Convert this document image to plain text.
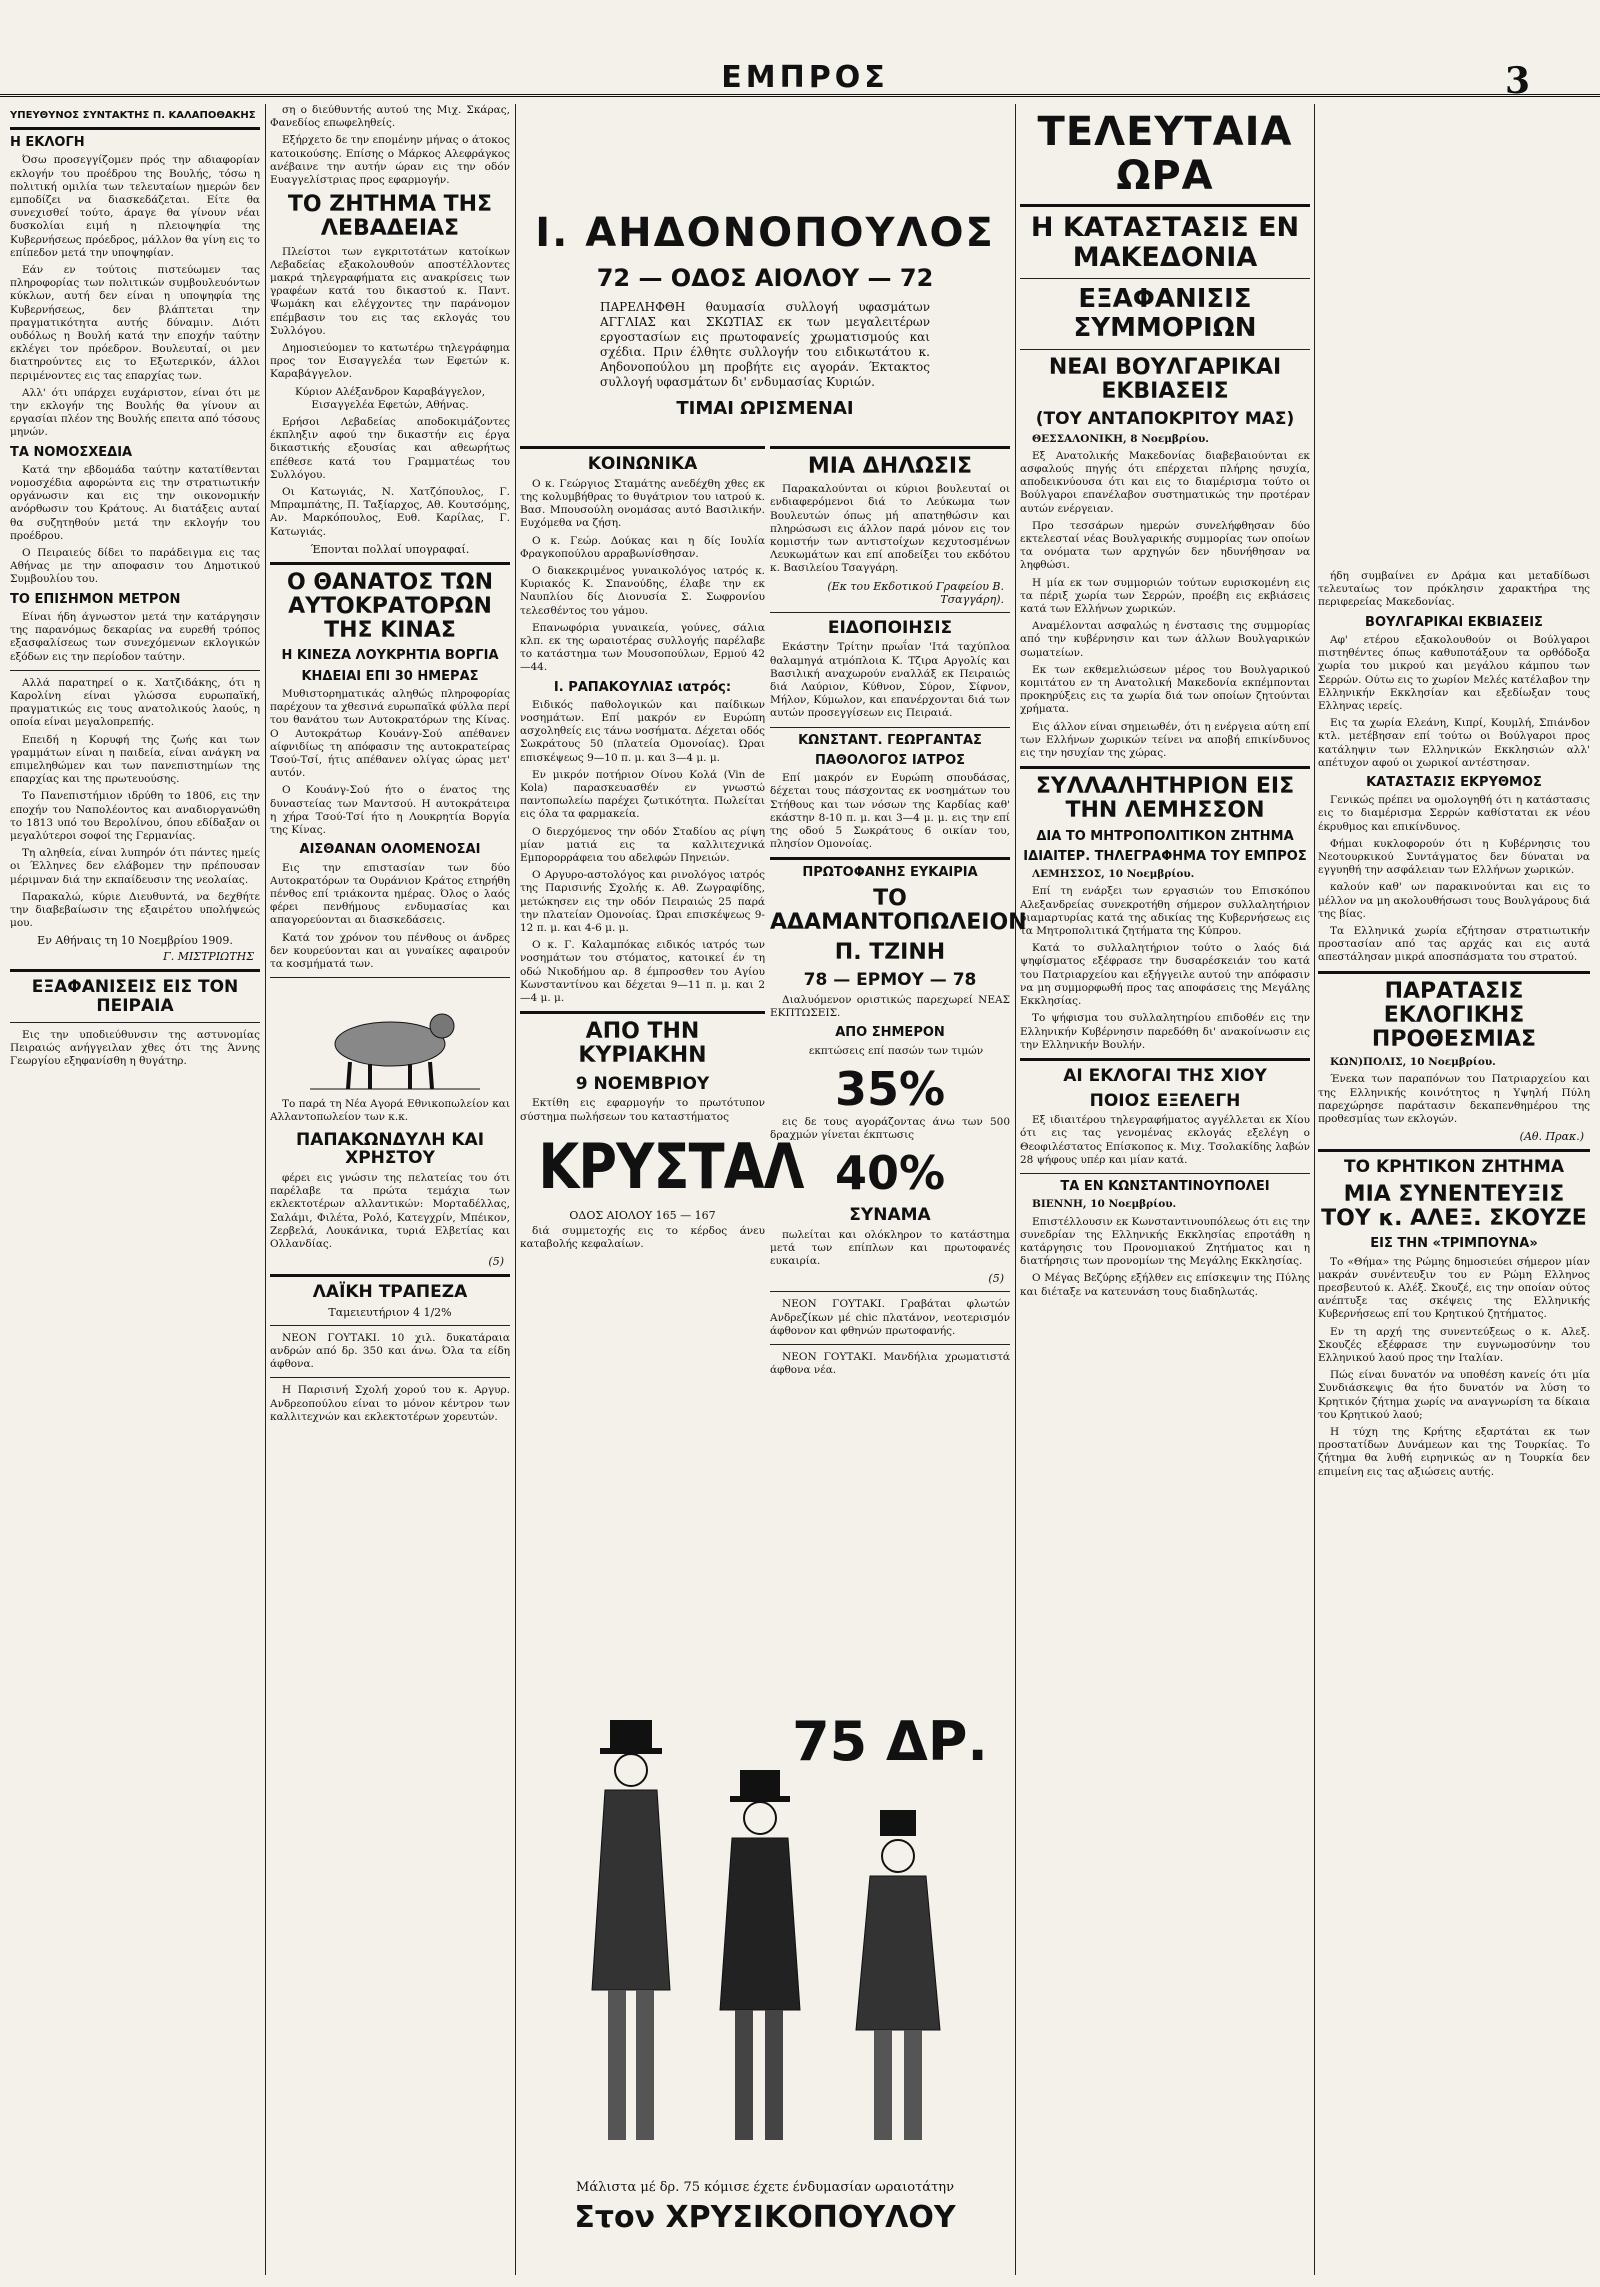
ΕΜΠΡΟΣ	3
ΥΠΕΥΘΥΝΟΣ ΣΥΝΤΑΚΤΗΣ Π. ΚΑΛΑΠΟΘΑΚΗΣ
Η ΕΚΛΟΓΗ

Όσω προσεγγίζομεν πρός την αδιαφορίαν εκλογήν του προέδρου της Βουλής, τόσω η πολιτική ομιλία των τελευταίων ημερών δεν εμποδίζει να διασκεδάζεται. Είτε θα συνεχισθεί τούτο, άραγε θα γίνουν νέαι δυσκολίαι ειμή η πλειοψηφία της Κυβερνήσεως πρόεδρος, μάλλον θα γίνη εις το επίπεδον μετά την υποψηφίαν.

Εάν εν τούτοις πιστεύωμεν τας πληροφορίας των πολιτικών συμβουλευόντων κύκλων, αυτή δεν είναι η υποψηφία της Κυβερνήσεως, δεν βλάπτεται την πραγματικότητα αυτής δύναμιν. Διότι ουδόλως η Βουλή κατά την εποχήν ταύτην εκλέγει τον πρόεδρον. Βουλευταί, οι μεν διατηρούντες εις το Εξωτερικόν, άλλοι περιμένοντες εις τας επαρχίας των.

Αλλ' ότι υπάρχει ευχάριστον, είναι ότι με την εκλογήν της Βουλής θα γίνουν αι εργασίαι πλέον της Βουλής επειτα από τόσους μηνών.

ΤΑ ΝΟΜΟΣΧΕΔΙΑ

Κατά την εβδομάδα ταύτην κατατίθενται νομοσχέδια αφορώντα εις την στρατιωτικήν οργάνωσιν και εις την οικονομικήν ανόρθωσιν του Κράτους. Αι διατάξεις αυταί θα συζητηθούν μετά την εκλογήν του προέδρου.

Ο Πειραιεύς δίδει το παράδειγμα εις τας Αθήνας με την αποφασιν του Δημοτικού Συμβουλίου του.

ΤΟ ΕΠΙΣΗΜΟΝ ΜΕΤΡΟΝ

Είναι ήδη άγνωστον μετά την κατάργησιν της παρανόμως δεκαρίας να ευρεθή τρόπος εξασφαλίσεως των συνεχόμενων εκλογικών εξόδων εις την περίοδον ταύτην.

Αλλά παρατηρεί ο κ. Χατζιδάκης, ότι η Καρολίνη είναι γλώσσα ευρωπαϊκή, πραγματικώς εις τους ανατολικούς λαούς, η οποία είναι μεγαλοπρεπής.

Επειδή η Κορυφή της ζωής και των γραμμάτων είναι η παιδεία, είναι ανάγκη να επιμεληθώμεν και των πανεπιστημίων της επαρχίας και της πρωτευούσης.

Το Πανεπιστήμιον ιδρύθη το 1806, εις την εποχήν του Ναπολέοντος και αναδιοργανώθη το 1813 υπό του Βερολίνου, όπου εδίδαξαν οι μεγαλύτεροι σοφοί της Γερμανίας.

Τη αληθεία, είναι λυπηρόν ότι πάντες ημείς οι Έλληνες δεν ελάβομεν την πρέπουσαν μέριμναν διά την εκπαίδευσιν της νεολαίας.

Παρακαλώ, κύριε Διευθυντά, να δεχθήτε την διαβεβαίωσιν της εξαιρέτου υπολήψεώς μου.

Εν Αθήναις τη 10 Νοεμβρίου 1909.
Γ. ΜΙΣΤΡΙΩΤΗΣ
ΕΞΑΦΑΝΙΣΕΙΣ ΕΙΣ ΤΟΝ ΠΕΙΡΑΙΑ

Εις την υποδιεύθυνσιν της αστυνομίας Πειραιώς ανήγγειλαν χθες ότι της Άννης Γεωργίου εξηφανίσθη η θυγάτηρ.

ση ο διεύθυντής αυτού της Μιχ. Σκάρας, Φανεδίος επωφεληθείς.

Εξήρχετο δε την επομένην μήνας ο άτοκος κατοικούσης. Επίσης ο Μάρκος Αλεφράγκος ανέβαινε την αυτήν ώραν εις την οδόν Ευαγγελίστριας προς εφαρμογήν.

ΤΟ ΖΗΤΗΜΑ ΤΗΣ ΛΕΒΑΔΕΙΑΣ

Πλείστοι των εγκριτοτάτων κατοίκων Λεβαδείας εξακολουθούν αποστέλλοντες μακρά τηλεγραφήματα εις ανακρίσεις των γραφέων κατά του δικαστού κ. Παντ. Ψωμάκη και ελέγχοντες την παράνομον επέμβασιν του εις τας εκλογάς του Συλλόγου.

Δημοσιεύομεν το κατωτέρω τηλεγράφημα προς τον Εισαγγελέα των Εφετών κ. Καραβάγγελον.

Κύριον Αλέξανδρον Καραβάγγελον, Εισαγγελέα Εφετών, Αθήνας.

Ερήσοι Λεβαδείας αποδοκιμάζοντες έκπληξιν αφού την δικαστήν εις έργα δικαστικής εξουσίας και αθεωρήτως επέθεσε κατά του Γραμματέως του Συλλόγου.

Οι Κατωγιάς, Ν. Χατζόπουλος, Γ. Μπραμπάτης, Π. Ταξίαρχος, Αθ. Κουτσόμης, Αν. Μαρκόπουλος, Ευθ. Καρίλας, Γ. Κατωγιάς.

Έπονται πολλαί υπογραφαί.
Ο ΘΑΝΑΤΟΣ ΤΩΝ ΑΥΤΟΚΡΑΤΟΡΩΝ ΤΗΣ ΚΙΝΑΣ
Η ΚΙΝΕΖΑ ΛΟΥΚΡΗΤΙΑ ΒΟΡΓΙΑ
ΚΗΔΕΙΑΙ ΕΠΙ 30 ΗΜΕΡΑΣ

Μυθιστορηματικάς αληθώς πληροφορίας παρέχουν τα χθεσινά ευρωπαϊκά φύλλα περί του θανάτου των Αυτοκρατόρων της Κίνας. Ο Αυτοκράτωρ Κουάνγ-Σού απέθανεν αίφνιδίως τη απόφασιν της αυτοκρατείρας Τσού-Τσί, ήτις απέθανεν ολίγας ώρας μετ' αυτόν.

Ο Κουάνγ-Σού ήτο ο ένατος της δυναστείας των Μαντσού. Η αυτοκράτειρα η χήρα Τσού-Τσί ήτο η Λουκρητία Βοργία της Κίνας.

ΑΙΣΘΑΝΑΝ ΟΛΟΜΕΝΟΣΑΙ

Εις την επιστασίαν των δύο Αυτοκρατόρων τα Ουράνιον Κράτος ετηρήθη πένθος επί τριάκοντα ημέρας. Όλος ο λαός φέρει πενθήμους ενδυμασίας και απαγορεύονται αι διασκεδάσεις.

Κατά τον χρόνον του πένθους οι άνδρες δεν κουρεύονται και αι γυναίκες αφαιρούν τα κοσμήματά των.

Το παρά τη Νέα Αγορά Εθνικοπωλείον και Αλλαντοπωλείον των κ.κ.

ΠΑΠΑΚΩΝΔΥΛΗ ΚΑΙ ΧΡΗΣΤΟΥ

φέρει εις γνώσιν της πελατείας του ότι παρέλαβε τα πρώτα τεμάχια των εκλεκτοτέρων αλλαντικών: Μορταδέλλας, Σαλάμι, Φιλέτα, Ρολό, Κατεγχρίν, Μπέικον, Ζερβελά, Λουκάνικα, τυριά Ελβετίας και Ολλανδίας.

(5)
ΛΑΪΚΗ ΤΡΑΠΕΖΑ
Ταμειευτήριον 4 1/2%

ΝΕΟΝ ΓΟΥΤΑΚΙ. 10 χιλ. δυκατάραια ανδρών από δρ. 350 και άνω. Όλα τα είδη άφθονα.

Η Παρισινή Σχολή χορού του κ. Αργυρ. Ανδρεοπούλου είναι το μόνον κέντρον των καλλιτεχνών και εκλεκτοτέρων χορευτών.

Ι. ΑΗΔΟΝΟΠΟΥΛΟΣ
72 — ΟΔΟΣ ΑΙΟΛΟΥ — 72
ΠΑΡΕΛΗΦΘΗ θαυμασία συλλογή υφασμάτων ΑΓΓΛΙΑΣ και ΣΚΩΤΙΑΣ εκ των μεγαλειτέρων εργοστασίων εις πρωτοφανείς χρωματισμούς και σχέδια. Πριν έλθητε συλλογήν του ειδικωτάτου κ. Αηδονοπούλου μη προβήτε εις αγοράν. Έκτακτος συλλογή υφασμάτων δι' ενδυμασίας Κυριών.
ΤΙΜΑΙ ΩΡΙΣΜΕΝΑΙ
ΚΟΙΝΩΝΙΚΑ

Ο κ. Γεώργιος Σταμάτης ανεδέχθη χθες εκ της κολυμβήθρας το θυγάτριον του ιατρού κ. Βασ. Μπουσούλη ονομάσας αυτό Βασιλικήν. Ευχόμεθα να ζήση.

Ο κ. Γεώρ. Δούκας και η δίς Ιουλία Φραγκοπούλου αρραβωνίσθησαν.

Ο διακεκριμένος γυναικολόγος ιατρός κ. Κυριακός Κ. Σπανούδης, έλαβε την εκ Ναυπλίου δίς Διονυσία Σ. Σωφρονίου τελεσθέντος του γάμου.

Επανωφόρια γυναικεία, γούνες, σάλια κλπ. εκ της ωραιοτέρας συλλογής παρέλαβε το κατάστημα των Μουσοπούλων, Ερμού 42—44.

Ι. ΡΑΠΑΚΟΥΛΙΑΣ ιατρός:

Ειδικός παθολογικών και παίδικων νοσημάτων. Επί μακρόν εν Ευρώπη ασχοληθείς εις τάνω νοσήματα. Δέχεται οδός Σωκράτους 50 (πλατεία Ομονοίας). Ώραι επισκέψεως 9—10 π. μ. και 3—4 μ. μ.

Εν μικρόν ποτήριον Οίνου Κολά (Vin de Kola) παρασκευασθέν εν γνωστώ παντοπωλείω παρέχει ζωτικότητα. Πωλείται εις όλα τα φαρμακεία.

Ο διερχόμενος την οδόν Σταδίου ας ρίψη μίαν ματιά εις τα καλλιτεχνικά Εμπορορράφεια του αδελφών Πηνειών.

Ο Αργυρο-αστολόγος και ρινολόγος ιατρός της Παρισινής Σχολής κ. Αθ. Ζωγραφίδης, μετώκησεν εις την οδόν Πειραιώς 25 παρά την πλατείαν Ομονοίας. Ώραι επισκέψεως 9-12 π. μ. και 4-6 μ. μ.

Ο κ. Γ. Καλαμπόκας ειδικός ιατρός των νοσημάτων του στόματος, κατοικεί έν τη οδώ Νικοδήμου αρ. 8 έμπροσθεν του Αγίου Κωνσταντίνου και δέχεται 9—11 π. μ. και 2—4 μ. μ.

ΑΠΟ ΤΗΝ ΚΥΡΙΑΚΗΝ
9 ΝΟΕΜΒΡΙΟΥ

Εκτίθη εις εφαρμογήν το πρωτότυπον σύστημα πωλήσεων του καταστήματος

ΚΡΥΣΤΑΛ
ΟΔΟΣ ΑΙΟΛΟΥ 165 — 167

διά συμμετοχής εις το κέρδος άνευ καταβολής κεφαλαίων.

ΜΙΑ ΔΗΛΩΣΙΣ

Παρακαλούνται οι κύριοι βουλευταί οι ενδιαφερόμενοι διά το Λεύκωμα των Βουλευτών όπως μή απατηθώσιν και πληρώσωσι εις άλλον παρά μόνον εις τον κομιστήν των αντιστοίχων κεχυτοσμένων Λευκωμάτων και επί αποδείξει του εκδότου κ. Βασιλείου Τσαγγάρη.

(Εκ του Εκδοτικού Γραφείου Β. Τσαγγάρη).
ΕΙΔΟΠΟΙΗΣΙΣ

Εκάστην Τρίτην πρωΐαν 'Ιτά ταχύπλοα θαλαμηγά ατμόπλοια Κ. Τζιρα Αργολίς και Βασιλική αναχωρούν εναλλάξ εκ Πειραιώς διά Λαύριον, Κύθνον, Σύρον, Σίφνον, Μήλον, Κύμωλον, και επανέρχονται διά των αυτών προσεγγίσεων εις Πειραιά.

ΚΩΝΣΤΑΝΤ. ΓΕΩΡΓΑΝΤΑΣ
ΠΑΘΟΛΟΓΟΣ ΙΑΤΡΟΣ

Επί μακρόν εν Ευρώπη σπουδάσας, δέχεται τους πάσχοντας εκ νοσημάτων του Στήθους και των νόσων της Καρδίας καθ' εκάστην 8-10 π. μ. και 3—4 μ. μ. εις την επί της οδού 5 Σωκράτους 6 οικίαν του, πλησίον Ομονοίας.

ΠΡΩΤΟΦΑΝΗΣ ΕΥΚΑΙΡΙΑ
ΤΟ ΑΔΑΜΑΝΤΟΠΩΛΕΙΟΝ
Π. ΤΖΙΝΗ
78 — ΕΡΜΟΥ — 78

Διαλυόμενον οριστικώς παρεχωρεί ΝΕΑΣ ΕΚΠΤΩΣΕΙΣ.

ΑΠΟ ΣΗΜΕΡΟΝ

εκπτώσεις επί πασών των τιμών

35%

εις δε τους αγοράζοντας άνω των 500 δραχμών γίνεται έκπτωσις

40%
ΣΥΝΑΜΑ

πωλείται και ολόκληρον το κατάστημα μετά των επίπλων και πρωτοφανές ευκαιρία.

(5)

ΝΕΟΝ ΓΟΥΤΑΚΙ. Γραβάται φλωτών Ανδρεζίκων μέ chic πλατάνον, νεοτερισμόν άφθονον και φθηνών πρωτοφανής.

ΝΕΟΝ ΓΟΥΤΑΚΙ. Μανδήλια χρωματιστά άφθονα νέα.

75 ΔΡ.
Μάλιστα μέ δρ. 75 κόμισε έχετε ένδυμασίαν ωραιοτάτην
Στον ΧΡΥΣΙΚΟΠΟΥΛΟΥ
ΤΕΛΕΥΤΑΙΑ ΩΡΑ
Η ΚΑΤΑΣΤΑΣΙΣ ΕΝ ΜΑΚΕΔΟΝΙΑ
ΕΞΑΦΑΝΙΣΙΣ ΣΥΜΜΟΡΙΩΝ
ΝΕΑΙ ΒΟΥΛΓΑΡΙΚΑΙ ΕΚΒΙΑΣΕΙΣ
(ΤΟΥ ΑΝΤΑΠΟΚΡΙΤΟΥ ΜΑΣ)

ΘΕΣΣΑΛΟΝΙΚΗ, 8 Νοεμβρίου.

Εξ Ανατολικής Μακεδονίας διαβεβαιούνται εκ ασφαλούς πηγής ότι επέρχεται πλήρης ησυχία, αποδεικνύουσα ότι και εις το διαμέρισμα τούτο οι Βούλγαροι επανέλαβον συστηματικώς την προτέραν αυτών ενέργειαν.

Προ τεσσάρων ημερών συνελήφθησαν δύο εκτελεσταί νέας Βουλγαρικής συμμορίας των οποίων τα ονόματα των αρχηγών δεν ηδυνήθησαν να ληφθώσι.

Η μία εκ των συμμοριών τούτων ευρισκομένη εις τα πέριξ χωρία των Σερρών, προέβη εις εκβιάσεις κατά των Ελλήνων χωρικών.

Αναμέλονται ασφαλώς η ένστασις της συμμορίας από την κυβέρνησιν και των άλλων Βουλγαρικών σωματείων.

Εκ των εκθεμελιώσεων μέρος του Βουλγαρικού κομιτάτου εν τη Ανατολική Μακεδονία εκπέμπονται προκηρύξεις εις τα χωρία διά των οποίων ζητούνται χρήματα.

Εις άλλον είναι σημειωθέν, ότι η ενέργεια αύτη επί των Ελλήνων χωρικών τείνει να αποβή επικίνδυνος εις την ησυχίαν της χώρας.

ΣΥΛΛΑΛΗΤΗΡΙΟΝ ΕΙΣ ΤΗΝ ΛΕΜΗΣΣΟΝ
ΔΙΑ ΤΟ ΜΗΤΡΟΠΟΛΙΤΙΚΟΝ ΖΗΤΗΜΑ
ΙΔΙΑΙΤΕΡ. ΤΗΛΕΓΡΑΦΗΜΑ ΤΟΥ ΕΜΠΡΟΣ

ΛΕΜΗΣΣΟΣ, 10 Νοεμβρίου.

Επί τη ενάρξει των εργασιών του Επισκόπου Αλεξανδρείας συνεκροτήθη σήμερον συλλαλητήριον διαμαρτυρίας κατά της αδικίας της Κυβερνήσεως εις τα Μητροπολιτικά ζητήματα της Κύπρου.

Κατά το συλλαλητήριον τούτο ο λαός διά ψηφίσματος εξέφρασε την δυσαρέσκειάν του κατά του Πατριαρχείου και εξήγγειλε αυτού την απόφασιν να μη συμμορφωθή προς τας αποφάσεις της Μεγάλης Εκκλησίας.

Το ψήφισμα του συλλαλητηρίου επιδοθέν εις την Ελληνικήν Κυβέρνησιν παρεδόθη δι' ανακοίνωσιν εις την Ελληνικήν Βουλήν.

ΑΙ ΕΚΛΟΓΑΙ ΤΗΣ ΧΙΟΥ
ΠΟΙΟΣ ΕΞΕΛΕΓΗ

Εξ ιδιαιτέρου τηλεγραφήματος αγγέλλεται εκ Χίου ότι εις τας γενομένας εκλογάς εξελέγη ο Θεοφιλέστατος Επίσκοπος κ. Μιχ. Τσολακίδης λαβών 28 ψήφους υπέρ και μίαν κατά.

ΤΑ ΕΝ ΚΩΝΣΤΑΝΤΙΝΟΥΠΟΛΕΙ

ΒΙΕΝΝΗ, 10 Νοεμβρίου.

Επιστέλλουσιν εκ Κωνσταντινουπόλεως ότι εις την συνεδρίαν της Ελληνικής Εκκλησίας επροτάθη η κατάργησις του Προνομιακού Ζητήματος και η διατήρησις των προνομίων της Μεγάλης Εκκλησίας.

Ο Μέγας Βεζύρης εξήλθεν εις επίσκεψιν της Πύλης και διέταξε να κατευνάση τους διαδηλωτάς.

ήδη συμβαίνει εν Δράμα και μεταδίδωσι τελευταίως τον πρόκλησιν χαρακτήρα της περιφερείας Μακεδονίας.

ΒΟΥΛΓΑΡΙΚΑΙ ΕΚΒΙΑΣΕΙΣ

Αφ' ετέρου εξακολουθούν οι Βούλγαροι πιστηθέντες όπως καθυποτάξουν τα ορθόδοξα χωρία του μικρού και μεγάλου κάμπου των Σερρών. Ούτω εις το χωρίον Μελές κατέλαβον την Ελληνικήν Εκκλησίαν και εξεδίωξαν τους Ελληνας ιερείς.

Εις τα χωρία Ελεάνη, Κιπρί, Κουμλή, Σπιάνδον κτλ. μετέβησαν επί τούτω οι Βούλγαροι προς κατάληψιν των Ελληνικών Εκκλησιών αλλ' απέτυχον αφού οι χωρικοί αντέστησαν.

ΚΑΤΑΣΤΑΣΙΣ ΕΚΡΥΘΜΟΣ

Γενικώς πρέπει να ομολογηθή ότι η κατάστασις εις το διαμέρισμα Σερρών καθίσταται εκ νέου έκρυθμος και επικίνδυνος.

Φήμαι κυκλοφορούν ότι η Κυβέρνησις του Νεοτουρκικού Συντάγματος δεν δύναται να εγγυηθή την ασφάλειαν των Ελλήνων χωρικών.

καλούν καθ' ων παρακινούνται και εις το μέλλον να μη ακολουθήσωσι τους Βουλγάρους διά της βίας.

Τα Ελληνικά χωρία εζήτησαν στρατιωτικήν προστασίαν από τας αρχάς και εις αυτά απεστάλησαν μικρά αποσπάσματα του στρατού.

ΠΑΡΑΤΑΣΙΣ ΕΚΛΟΓΙΚΗΣ ΠΡΟΘΕΣΜΙΑΣ

ΚΩΝ)ΠΟΛΙΣ, 10 Νοεμβρίου.

Ένεκα των παραπόνων του Πατριαρχείου και της Ελληνικής κοινότητος η Υψηλή Πύλη παρεχώρησε παράτασιν δεκαπενθημέρου της προθεσμίας των εκλογών.

(Αθ. Πρακ.)
ΤΟ ΚΡΗΤΙΚΟΝ ΖΗΤΗΜΑ
ΜΙΑ ΣΥΝΕΝΤΕΥΞΙΣ ΤΟΥ κ. ΑΛΕΞ. ΣΚΟΥΖΕ
ΕΙΣ ΤΗΝ «ΤΡΙΜΠΟΥΝΑ»

Το «Θήμα» της Ρώμης δημοσιεύει σήμερον μίαν μακράν συνέντευξιν του εν Ρώμη Ελληνος πρεσβευτού κ. Αλέξ. Σκουζέ, εις την οποίαν ούτος ανέπτυξε τας σκέψεις της Ελληνικής Κυβερνήσεως επί του Κρητικού ζητήματος.

Εν τη αρχή της συνεντεύξεως ο κ. Αλεξ. Σκουζές εξέφρασε την ευγνωμοσύνην του Ελληνικού λαού προς την Ιταλίαν.

Πώς είναι δυνατόν να υποθέση κανείς ότι μία Συνδιάσκεψις θα ήτο δυνατόν να λύση το Κρητικόν ζήτημα χωρίς να αναγνωρίση τα δίκαια του Κρητικού λαού;

Η τύχη της Κρήτης εξαρτάται εκ των προστατίδων Δυνάμεων και της Τουρκίας. Το ζήτημα θα λυθή ειρηνικώς αν η Τουρκία δεν επιμείνη εις τας αξιώσεις αυτής.
